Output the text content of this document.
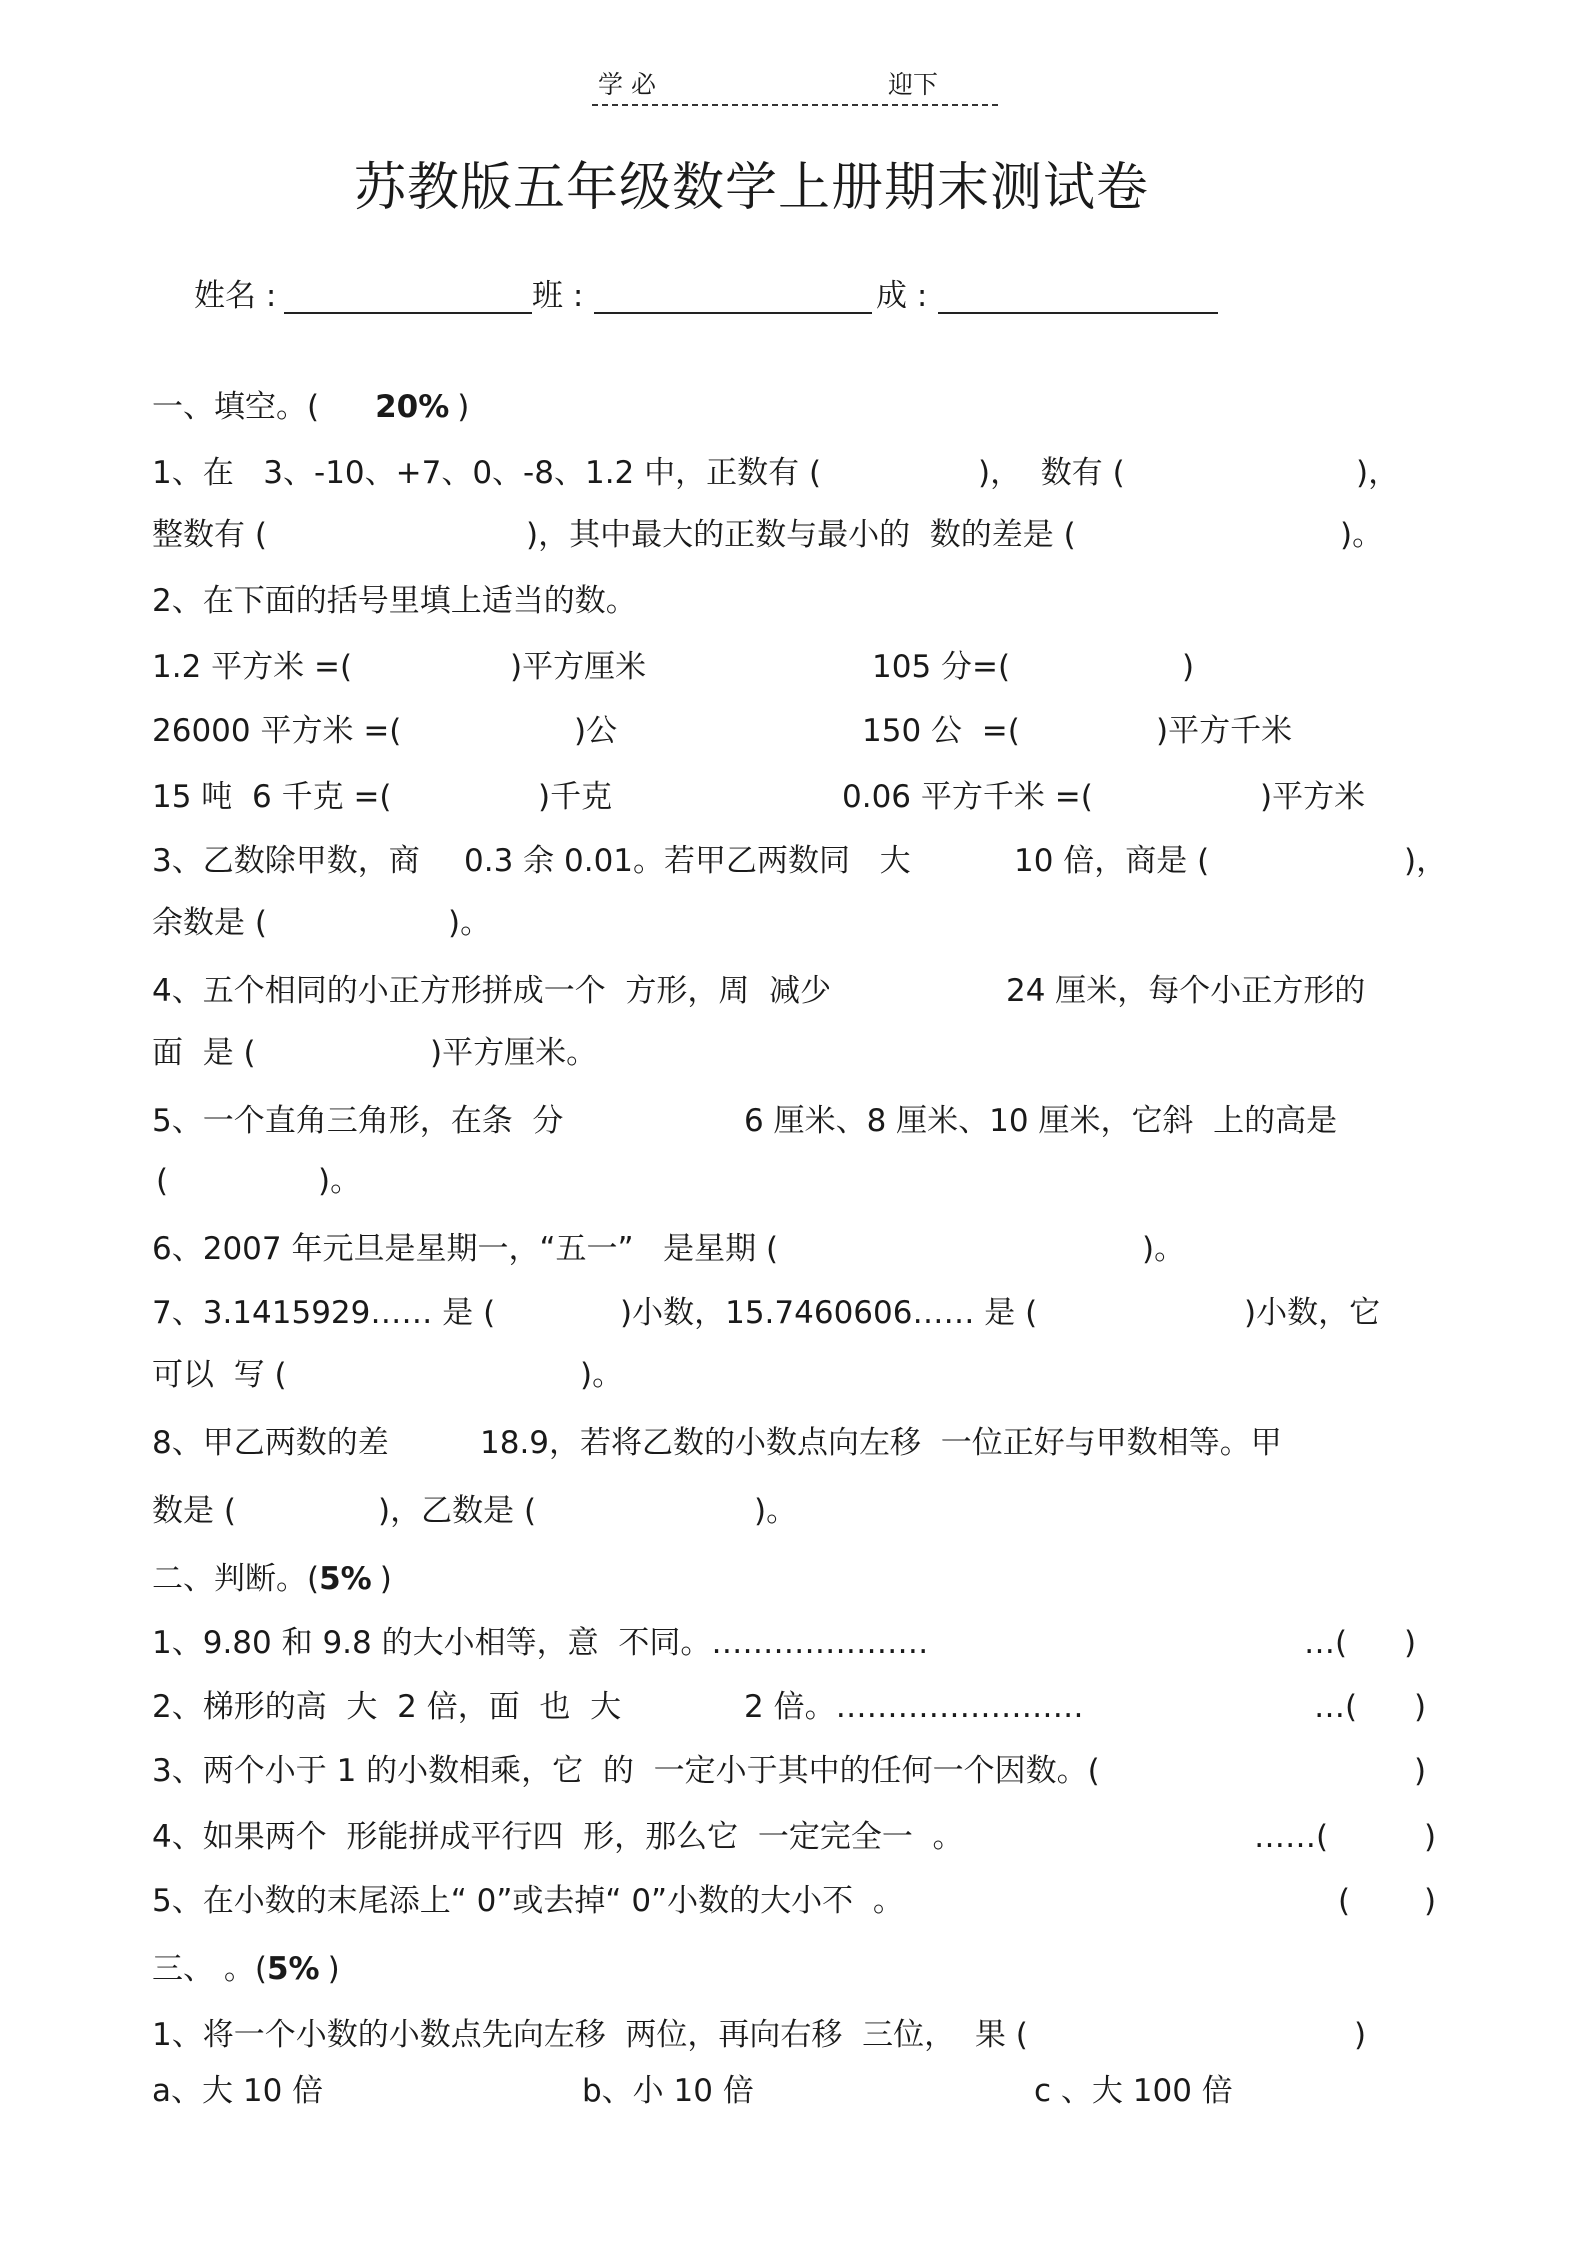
学 必	迎下
苏教版五年级数学上册期末测试卷
姓名 :	班 :	成 :
一、填空。( 20% )
1、在   3、-10、+7、0、-8、1.2 中，正数有 (	)，  数有 (	)，
整数有 (	)，其中最大的正数与最小的  数的差是 (	)。
2、在下面的括号里填上适当的数。
1.2 平方米 =(	)平方厘米	105 分=(	)
26000 平方米 =(	)公	150 公  =(	)平方千米
15 吨  6 千克 =(	)千克	0.06 平方千米 =(	)平方米
3、乙数除甲数，商 0.3 余 0.01。若甲乙两数同   大	10 倍，商是 (	)，
余数是 (	)。
4、五个相同的小正方形拼成一个  方形，周  减少	24 厘米，每个小正方形的
面  是 (	)平方厘米。
5、一个直角三角形，在条  分	6 厘米、8 厘米、10 厘米，它斜  上的高是
(	)。
6、2007 年元旦是星期一，“五一”   是星期 (	)。
7、3.1415929…… 是 (	)小数，15.7460606…… 是 (	)小数，它
可以  写 (	)。
8、甲乙两数的差	18.9，若将乙数的小数点向左移  一位正好与甲数相等。甲
数是 (	)，乙数是 (	)。
二、判断。(5% )
1、9.80 和 9.8 的大小相等，意  不同。…………………	…( )
2、梯形的高  大  2 倍，面  也  大	2 倍。……………………	…( )
3、两个小于 1 的小数相乘，它  的  一定小于其中的任何一个因数。(	)
4、如果两个  形能拼成平行四  形，那么它  一定完全一  。	……(	)
5、在小数的末尾添上“ 0”或去掉“ 0”小数的大小不  。	( )
三、 。(5% )
1、将一个小数的小数点先向左移  两位，再向右移  三位，  果 (	)
a、大 10 倍	b、小 10 倍	c 、大 100 倍
